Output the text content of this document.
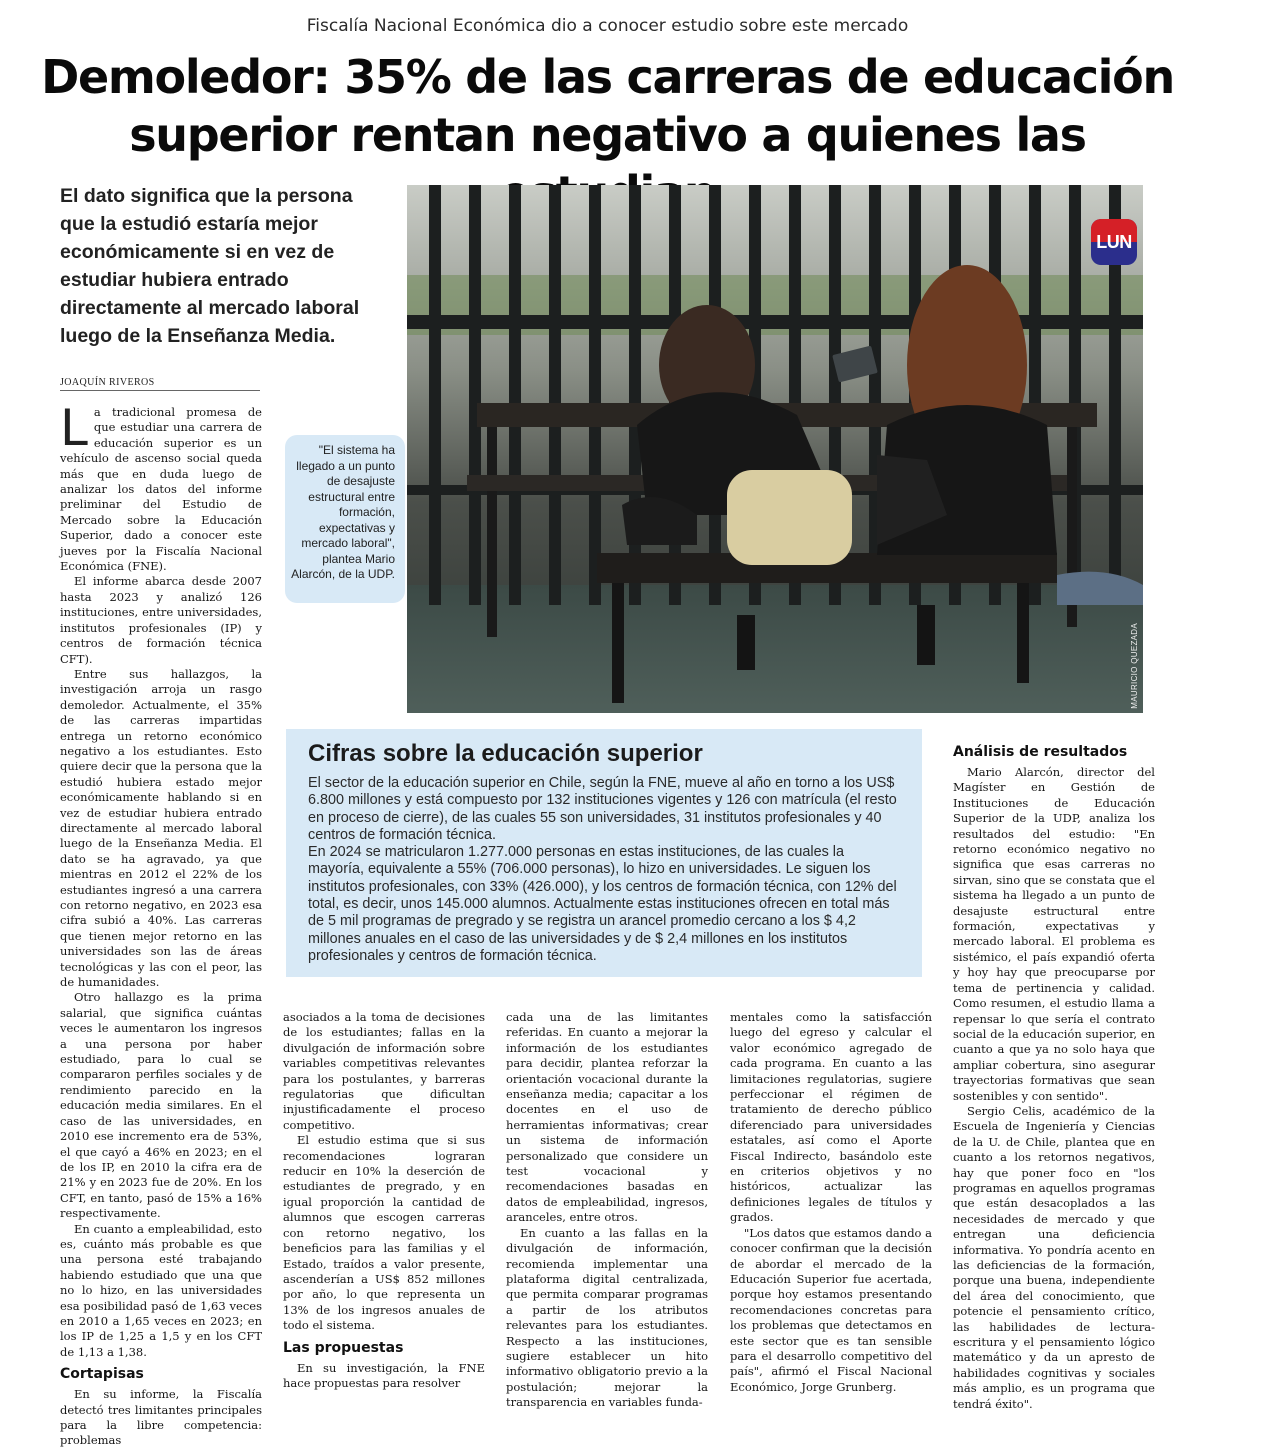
Fiscalía Nacional Económica dio a conocer estudio sobre este mercado
Demoledor: 35% de las carreras de educación superior rentan negativo a quienes las

El dato significa que la persona que la estudió estaría mejor económicamente si en vez de estudiar hubiera entrado directamente al mercado laboral luego de la Enseñanza Media.

JOAQUÍN RIVEROS

La tradicional promesa de que estudiar una carrera de educación superior es un vehículo de ascenso social queda más que en duda luego de analizar los datos del informe preliminar del Estudio de Mercado sobre la Educación Superior, dado a conocer este jueves por la Fiscalía Nacional Económica (FNE).

El informe abarca desde 2007 hasta 2023 y analizó 126 instituciones, entre universidades, institutos profesionales (IP) y centros de formación técnica CFT).

Entre sus hallazgos, la investigación arroja un rasgo demoledor. Actualmente, el 35% de las carreras impartidas entrega un retorno económico negativo a los estudiantes. Esto quiere decir que la persona que la estudió hubiera estado mejor económicamente hablando si en vez de estudiar hubiera entrado directamente al mercado laboral luego de la Enseñanza Media. El dato se ha agravado, ya que mientras en 2012 el 22% de los estudiantes ingresó a una carrera con retorno negativo, en 2023 esa cifra subió a 40%. Las carreras que tienen mejor retorno en las universidades son las de áreas tecnológicas y las con el peor, las de humanidades.

Otro hallazgo es la prima salarial, que significa cuántas veces le aumentaron los ingresos a una persona por haber estudiado, para lo cual se compararon perfiles sociales y de rendimiento parecido en la educación media similares. En el caso de las universidades, en 2010 ese incremento era de 53%, el que cayó a 46% en 2023; en el de los IP, en 2010 la cifra era de 21% y en 2023 fue de 20%. En los CFT, en tanto, pasó de 15% a 16% respectivamente.

En cuanto a empleabilidad, esto es, cuánto más probable es que una persona esté trabajando habiendo estudiado que una que no lo hizo, en las universidades esa posibilidad pasó de 1,63 veces en 2010 a 1,65 veces en 2023; en los IP de 1,25 a 1,5 y en los CFT de 1,13 a 1,38.

Cortapisas

En su informe, la Fiscalía detectó tres limitantes principales para la libre competencia: problemas

"El sistema ha llegado a un punto de desajuste estructural entre formación, expectativas y mercado laboral", plantea Mario Alarcón, de la UDP.
LUN
MAURICIO QUEZADA
Cifras sobre la educación superior

El sector de la educación superior en Chile, según la FNE, mueve al año en torno a los US$ 6.800 millones y está compuesto por 132 instituciones vigentes y 126 con matrícula (el resto en proceso de cierre), de las cuales 55 son universidades, 31 institutos profesionales y 40 centros de formación técnica.

En 2024 se matricularon 1.277.000 personas en estas instituciones, de las cuales la mayoría, equivalente a 55% (706.000 personas), lo hizo en universidades. Le siguen los institutos profesionales, con 33% (426.000), y los centros de formación técnica, con 12% del total, es decir, unos 145.000 alumnos. Actualmente estas instituciones ofrecen en total más de 5 mil programas de pregrado y se registra un arancel promedio cercano a los $ 4,2 millones anuales en el caso de las universidades y de $ 2,4 millones en los institutos profesionales y centros de formación técnica.

asociados a la toma de decisiones de los estudiantes; fallas en la divulgación de información sobre variables competitivas relevantes para los postulantes, y barreras regulatorias que dificultan injustificadamente el proceso competitivo.

El estudio estima que si sus recomendaciones lograran reducir en 10% la deserción de estudiantes de pregrado, y en igual proporción la cantidad de alumnos que escogen carreras con retorno negativo, los beneficios para las familias y el Estado, traídos a valor presente, ascenderían a US$ 852 millones por año, lo que representa un 13% de los ingresos anuales de todo el sistema.

Las propuestas

En su investigación, la FNE hace propuestas para resolver

cada una de las limitantes referidas. En cuanto a mejorar la información de los estudiantes para decidir, plantea reforzar la orientación vocacional durante la enseñanza media; capacitar a los docentes en el uso de herramientas informativas; crear un sistema de información personalizado que considere un test vocacional y recomendaciones basadas en datos de empleabilidad, ingresos, aranceles, entre otros.

En cuanto a las fallas en la divulgación de información, recomienda implementar una plataforma digital centralizada, que permita comparar programas a partir de los atributos relevantes para los estudiantes. Respecto a las instituciones, sugiere establecer un hito informativo obligatorio previo a la postulación; mejorar la transparencia en variables funda-

mentales como la satisfacción luego del egreso y calcular el valor económico agregado de cada programa. En cuanto a las limitaciones regulatorias, sugiere perfeccionar el régimen de tratamiento de derecho público diferenciado para universidades estatales, así como el Aporte Fiscal Indirecto, basándolo este en criterios objetivos y no históricos, actualizar las definiciones legales de títulos y grados.

"Los datos que estamos dando a conocer confirman que la decisión de abordar el mercado de la Educación Superior fue acertada, porque hoy estamos presentando recomendaciones concretas para los problemas que detectamos en este sector que es tan sensible para el desarrollo competitivo del país", afirmó el Fiscal Nacional Económico, Jorge Grunberg.

Análisis de resultados

Mario Alarcón, director del Magíster en Gestión de Instituciones de Educación Superior de la UDP, analiza los resultados del estudio: "En retorno económico negativo no significa que esas carreras no sirvan, sino que se constata que el sistema ha llegado a un punto de desajuste estructural entre formación, expectativas y mercado laboral. El problema es sistémico, el país expandió oferta y hoy hay que preocuparse por tema de pertinencia y calidad. Como resumen, el estudio llama a repensar lo que sería el contrato social de la educación superior, en cuanto a que ya no solo haya que ampliar cobertura, sino asegurar trayectorias formativas que sean sostenibles y con sentido".

Sergio Celis, académico de la Escuela de Ingeniería y Ciencias de la U. de Chile, plantea que en cuanto a los retornos negativos, hay que poner foco en "los programas en aquellos programas que están desacoplados a las necesidades de mercado y que entregan una deficiencia informativa. Yo pondría acento en las deficiencias de la formación, porque una buena, independiente del área del conocimiento, que potencie el pensamiento crítico, las habilidades de lectura-escritura y el pensamiento lógico matemático y da un apresto de habilidades cognitivas y sociales más amplio, es un programa que tendrá éxito".
